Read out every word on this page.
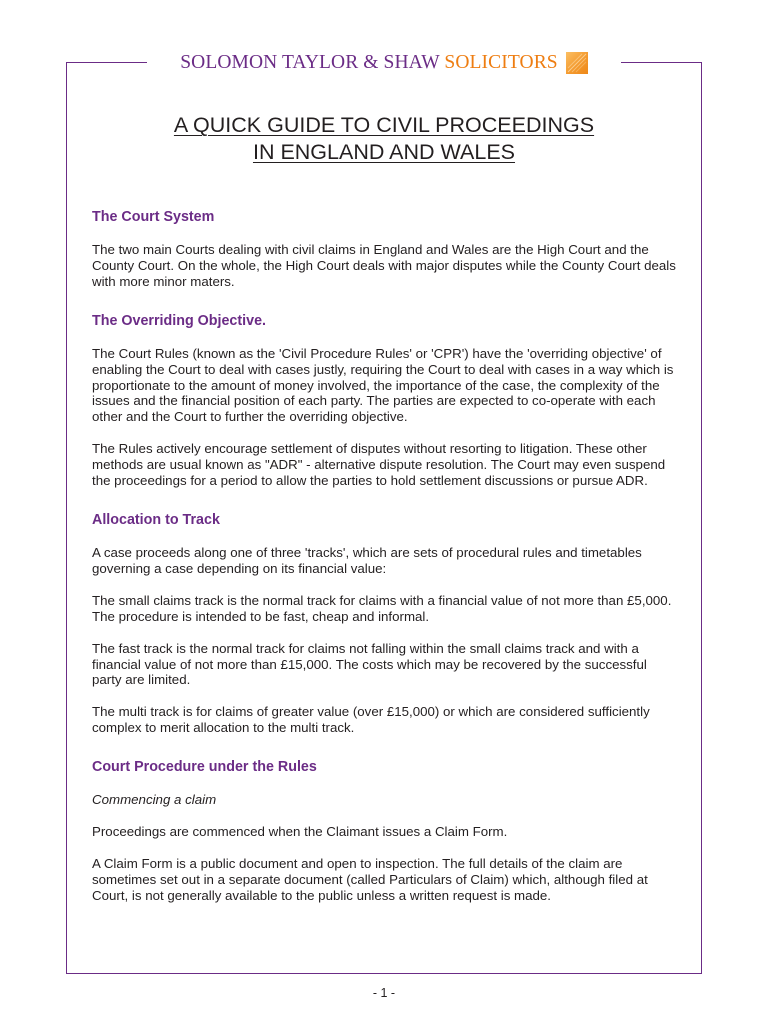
SOLOMON TAYLOR & SHAW SOLICITORS
A QUICK GUIDE TO CIVIL PROCEEDINGS
IN ENGLAND AND WALES
The Court System

The two main Courts dealing with civil claims in England and Wales are the High Court and the County Court. On the whole, the High Court deals with major disputes while the County Court deals with more minor maters.

The Overriding Objective.

The Court Rules (known as the 'Civil Procedure Rules' or 'CPR') have the 'overriding objective' of enabling the Court to deal with cases justly, requiring the Court to deal with cases in a way which is proportionate to the amount of money involved, the importance of the case, the complexity of the issues and the financial position of each party. The parties are expected to co-operate with each other and the Court to further the overriding objective.

The Rules actively encourage settlement of disputes without resorting to litigation. These other methods are usual known as "ADR" - alternative dispute resolution. The Court may even suspend the proceedings for a period to allow the parties to hold settlement discussions or pursue ADR.

Allocation to Track

A case proceeds along one of three 'tracks', which are sets of procedural rules and timetables governing a case depending on its financial value:

The small claims track is the normal track for claims with a financial value of not more than £5,000. The procedure is intended to be fast, cheap and informal.

The fast track is the normal track for claims not falling within the small claims track and with a financial value of not more than £15,000. The costs which may be recovered by the successful party are limited.

The multi track is for claims of greater value (over £15,000) or which are considered sufficiently complex to merit allocation to the multi track.

Court Procedure under the Rules

Commencing a claim

Proceedings are commenced when the Claimant issues a Claim Form.

A Claim Form is a public document and open to inspection. The full details of the claim are sometimes set out in a separate document (called Particulars of Claim) which, although filed at Court, is not generally available to the public unless a written request is made.

- 1 -
